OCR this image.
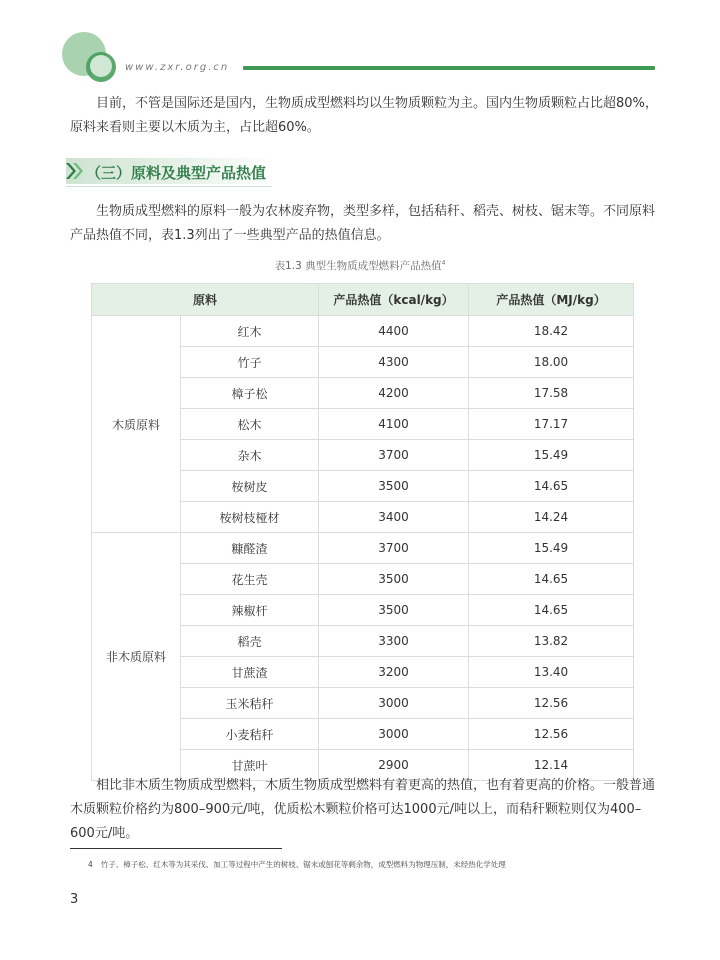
www.zxr.org.cn

目前，不管是国际还是国内，生物质成型燃料均以生物质颗粒为主。国内生物质颗粒占比超80%，原料来看则主要以木质为主，占比超60%。

（三）原料及典型产品热值

生物质成型燃料的原料一般为农林废弃物，类型多样，包括秸秆、稻壳、树枝、锯末等。不同原料产品热值不同，表1.3列出了一些典型产品的热值信息。

表1.3 典型生物质成型燃料产品热值$^4$
原料		产品热值（kcal/kg）	产品热值（MJ/kg）
木质原料	红木	4400	18.42
	竹子	4300	18.00
	樟子松	4200	17.58
	松木	4100	17.17
	杂木	3700	15.49
	桉树皮	3500	14.65
	桉树枝桠材	3400	14.24
非木质原料	糠醛渣	3700	15.49
	花生壳	3500	14.65
	辣椒杆	3500	14.65
	稻壳	3300	13.82
	甘蔗渣	3200	13.40
	玉米秸秆	3000	12.56
	小麦秸秆	3000	12.56
	甘蔗叶	2900	12.14

相比非木质生物质成型燃料，木质生物质成型燃料有着更高的热值，也有着更高的价格。一般普通木质颗粒价格约为800–900元/吨，优质松木颗粒价格可达1000元/吨以上，而秸秆颗粒则仅为400–600元/吨。

4 竹子、樟子松、红木等为其采伐、加工等过程中产生的树枝、锯末或刨花等剩余物，成型燃料为物理压制，未经热化学处理
3
